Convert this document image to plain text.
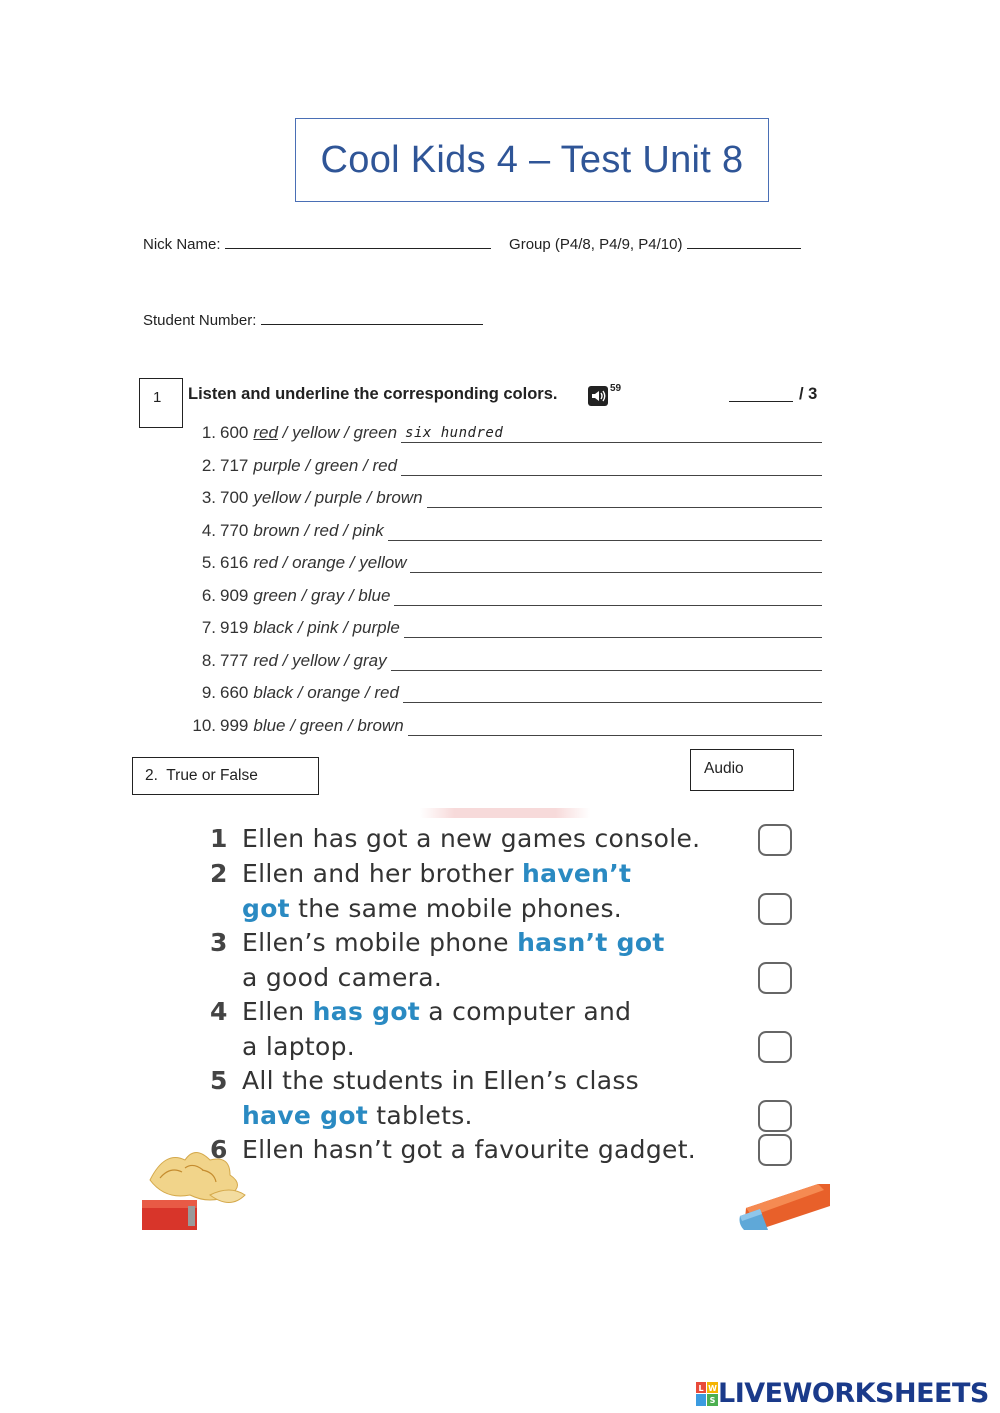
Cool Kids 4 – Test Unit 8
Nick Name:	Group (P4/8, P4/9, P4/10)
Student Number:
1	Listen and underline the corresponding colors.	59	/ 3
1. 600 red / yellow / green six hundred
2. 717 purple / green / red
3. 700 yellow / purple / brown
4. 770 brown / red / pink
5. 616 red / orange / yellow
6. 909 green / gray / blue
7. 919 black / pink / purple
8. 777 red / yellow / gray
9. 660 black / orange / red
10. 999 blue / green / brown
2.  True or False	Audio
1 Ellen has got a new games console.
2 Ellen and her brother haven’t
got the same mobile phones.
3 Ellen’s mobile phone hasn’t got
a good camera.
4 Ellen has got a computer and
a laptop.
5 All the students in Ellen’s class
have got tablets.
6 Ellen hasn’t got a favourite gadget.
L W
S LIVEWORKSHEETS
